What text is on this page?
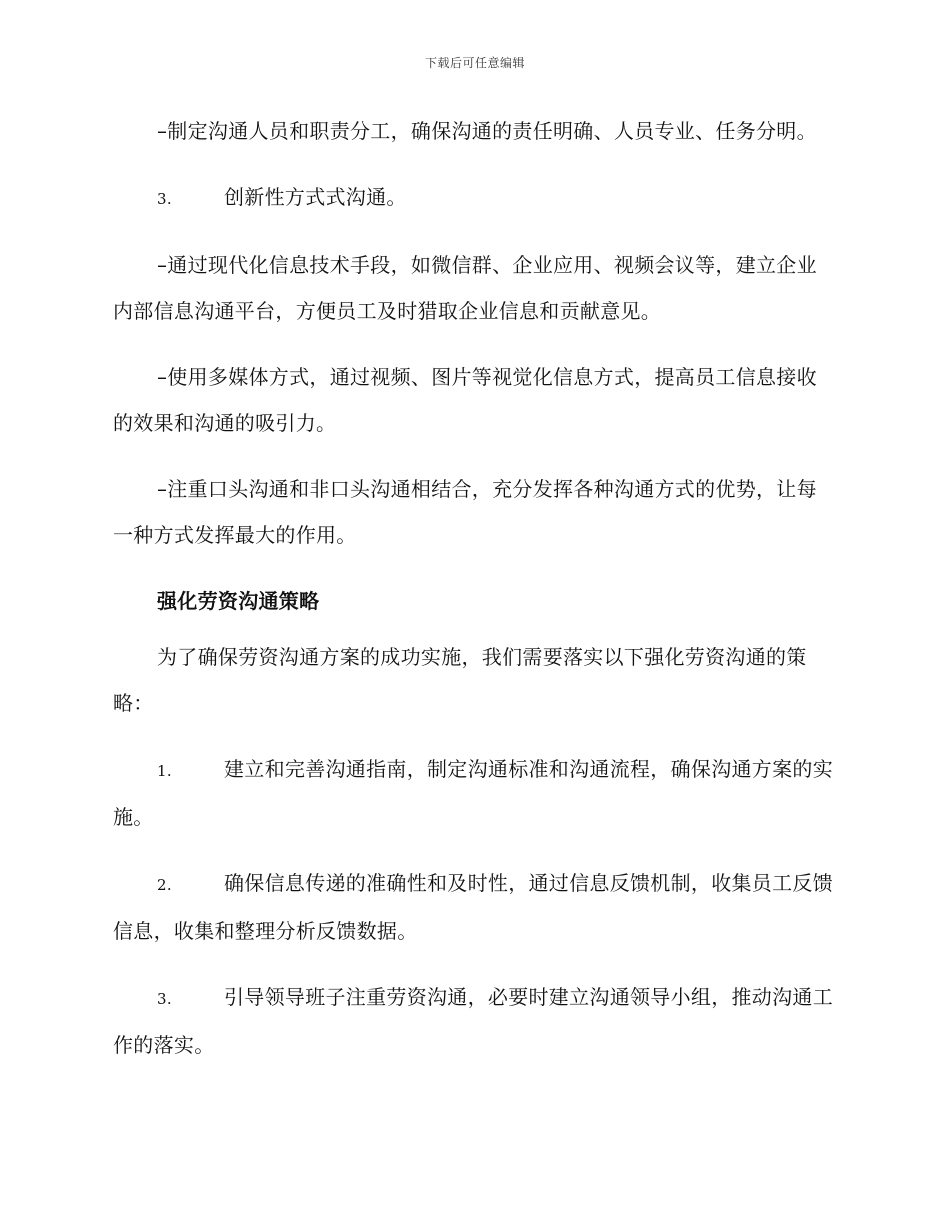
下载后可任意编辑

–制定沟通人员和职责分工，确保沟通的责任明确、人员专业、任务分明。

3.	创新性方式式沟通。

–通过现代化信息技术手段，如微信群、企业应用、视频会议等，建立企业内部信息沟通平台，方便员工及时猎取企业信息和贡献意见。

–使用多媒体方式，通过视频、图片等视觉化信息方式，提高员工信息接收的效果和沟通的吸引力。

–注重口头沟通和非口头沟通相结合，充分发挥各种沟通方式的优势，让每一种方式发挥最大的作用。

强化劳资沟通策略

为了确保劳资沟通方案的成功实施，我们需要落实以下强化劳资沟通的策略：

1.	建立和完善沟通指南，制定沟通标准和沟通流程，确保沟通方案的实施。

2.	确保信息传递的准确性和及时性，通过信息反馈机制，收集员工反馈信息，收集和整理分析反馈数据。

3.	引导领导班子注重劳资沟通，必要时建立沟通领导小组，推动沟通工作的落实。
